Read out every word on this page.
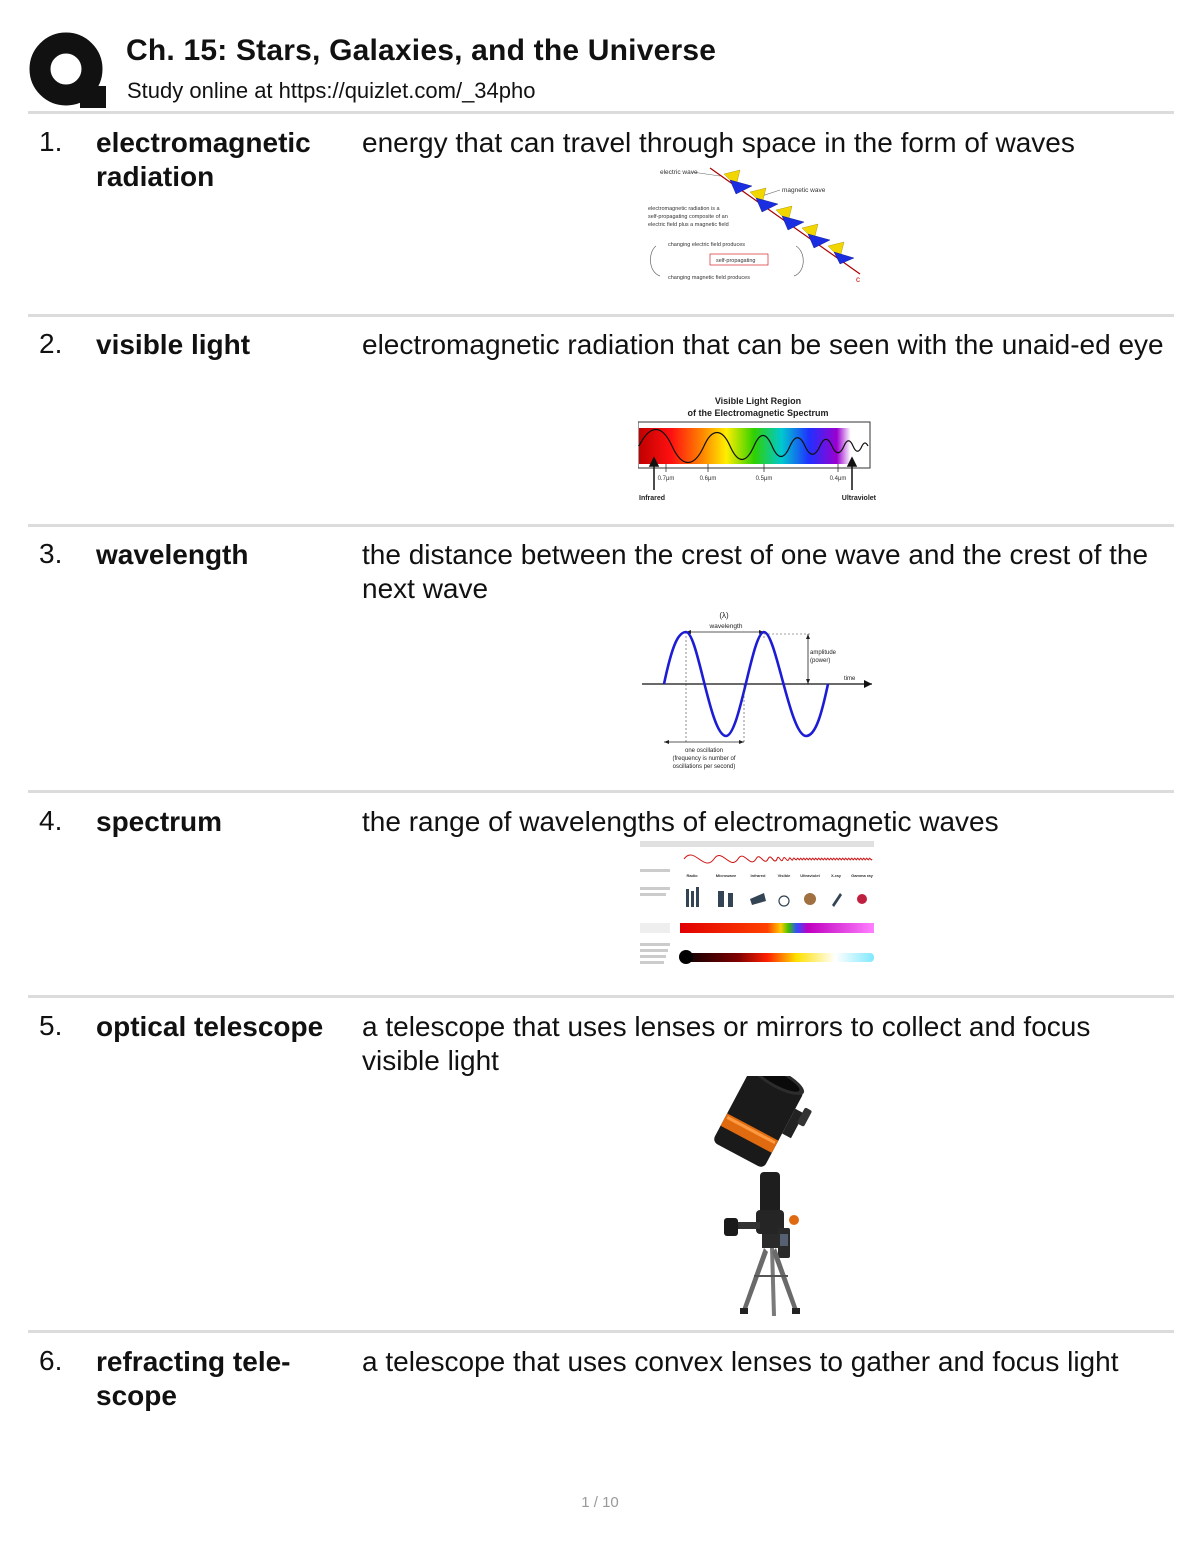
Ch. 15: Stars, Galaxies, and the Universe
Study online at https://quizlet.com/_34pho
1. electromagnetic radiation
energy that can travel through space in the form of waves
electric wave
magnetic wave
c
electromagnetic radiation is a
self-propagating composite of an
electric field plus a magnetic field
changing electric field produces
self-propagating
changing magnetic field produces
2. visible light	electromagnetic radiation that can be seen with the unaid-ed eye
Visible Light Region
of the Electromagnetic Spectrum
0.7μm	0.6μm	0.5μm	0.4μm
Infrared	Ultraviolet
3. wavelength	the distance between the crest of one wave and the crest of the next wave
(λ)
wavelength
amplitude
(power)
time
one oscillation
(frequency is number of
oscillations per second)
4. spectrum	the range of wavelengths of electromagnetic waves
Radio	Microwave	Infrared	Visible Ultraviolet	X-ray	Gamma ray
5. optical telescope	a telescope that uses lenses or mirrors to collect and focus visible light
6. refracting tele-scope
a telescope that uses convex lenses to gather and focus light
1 / 10
